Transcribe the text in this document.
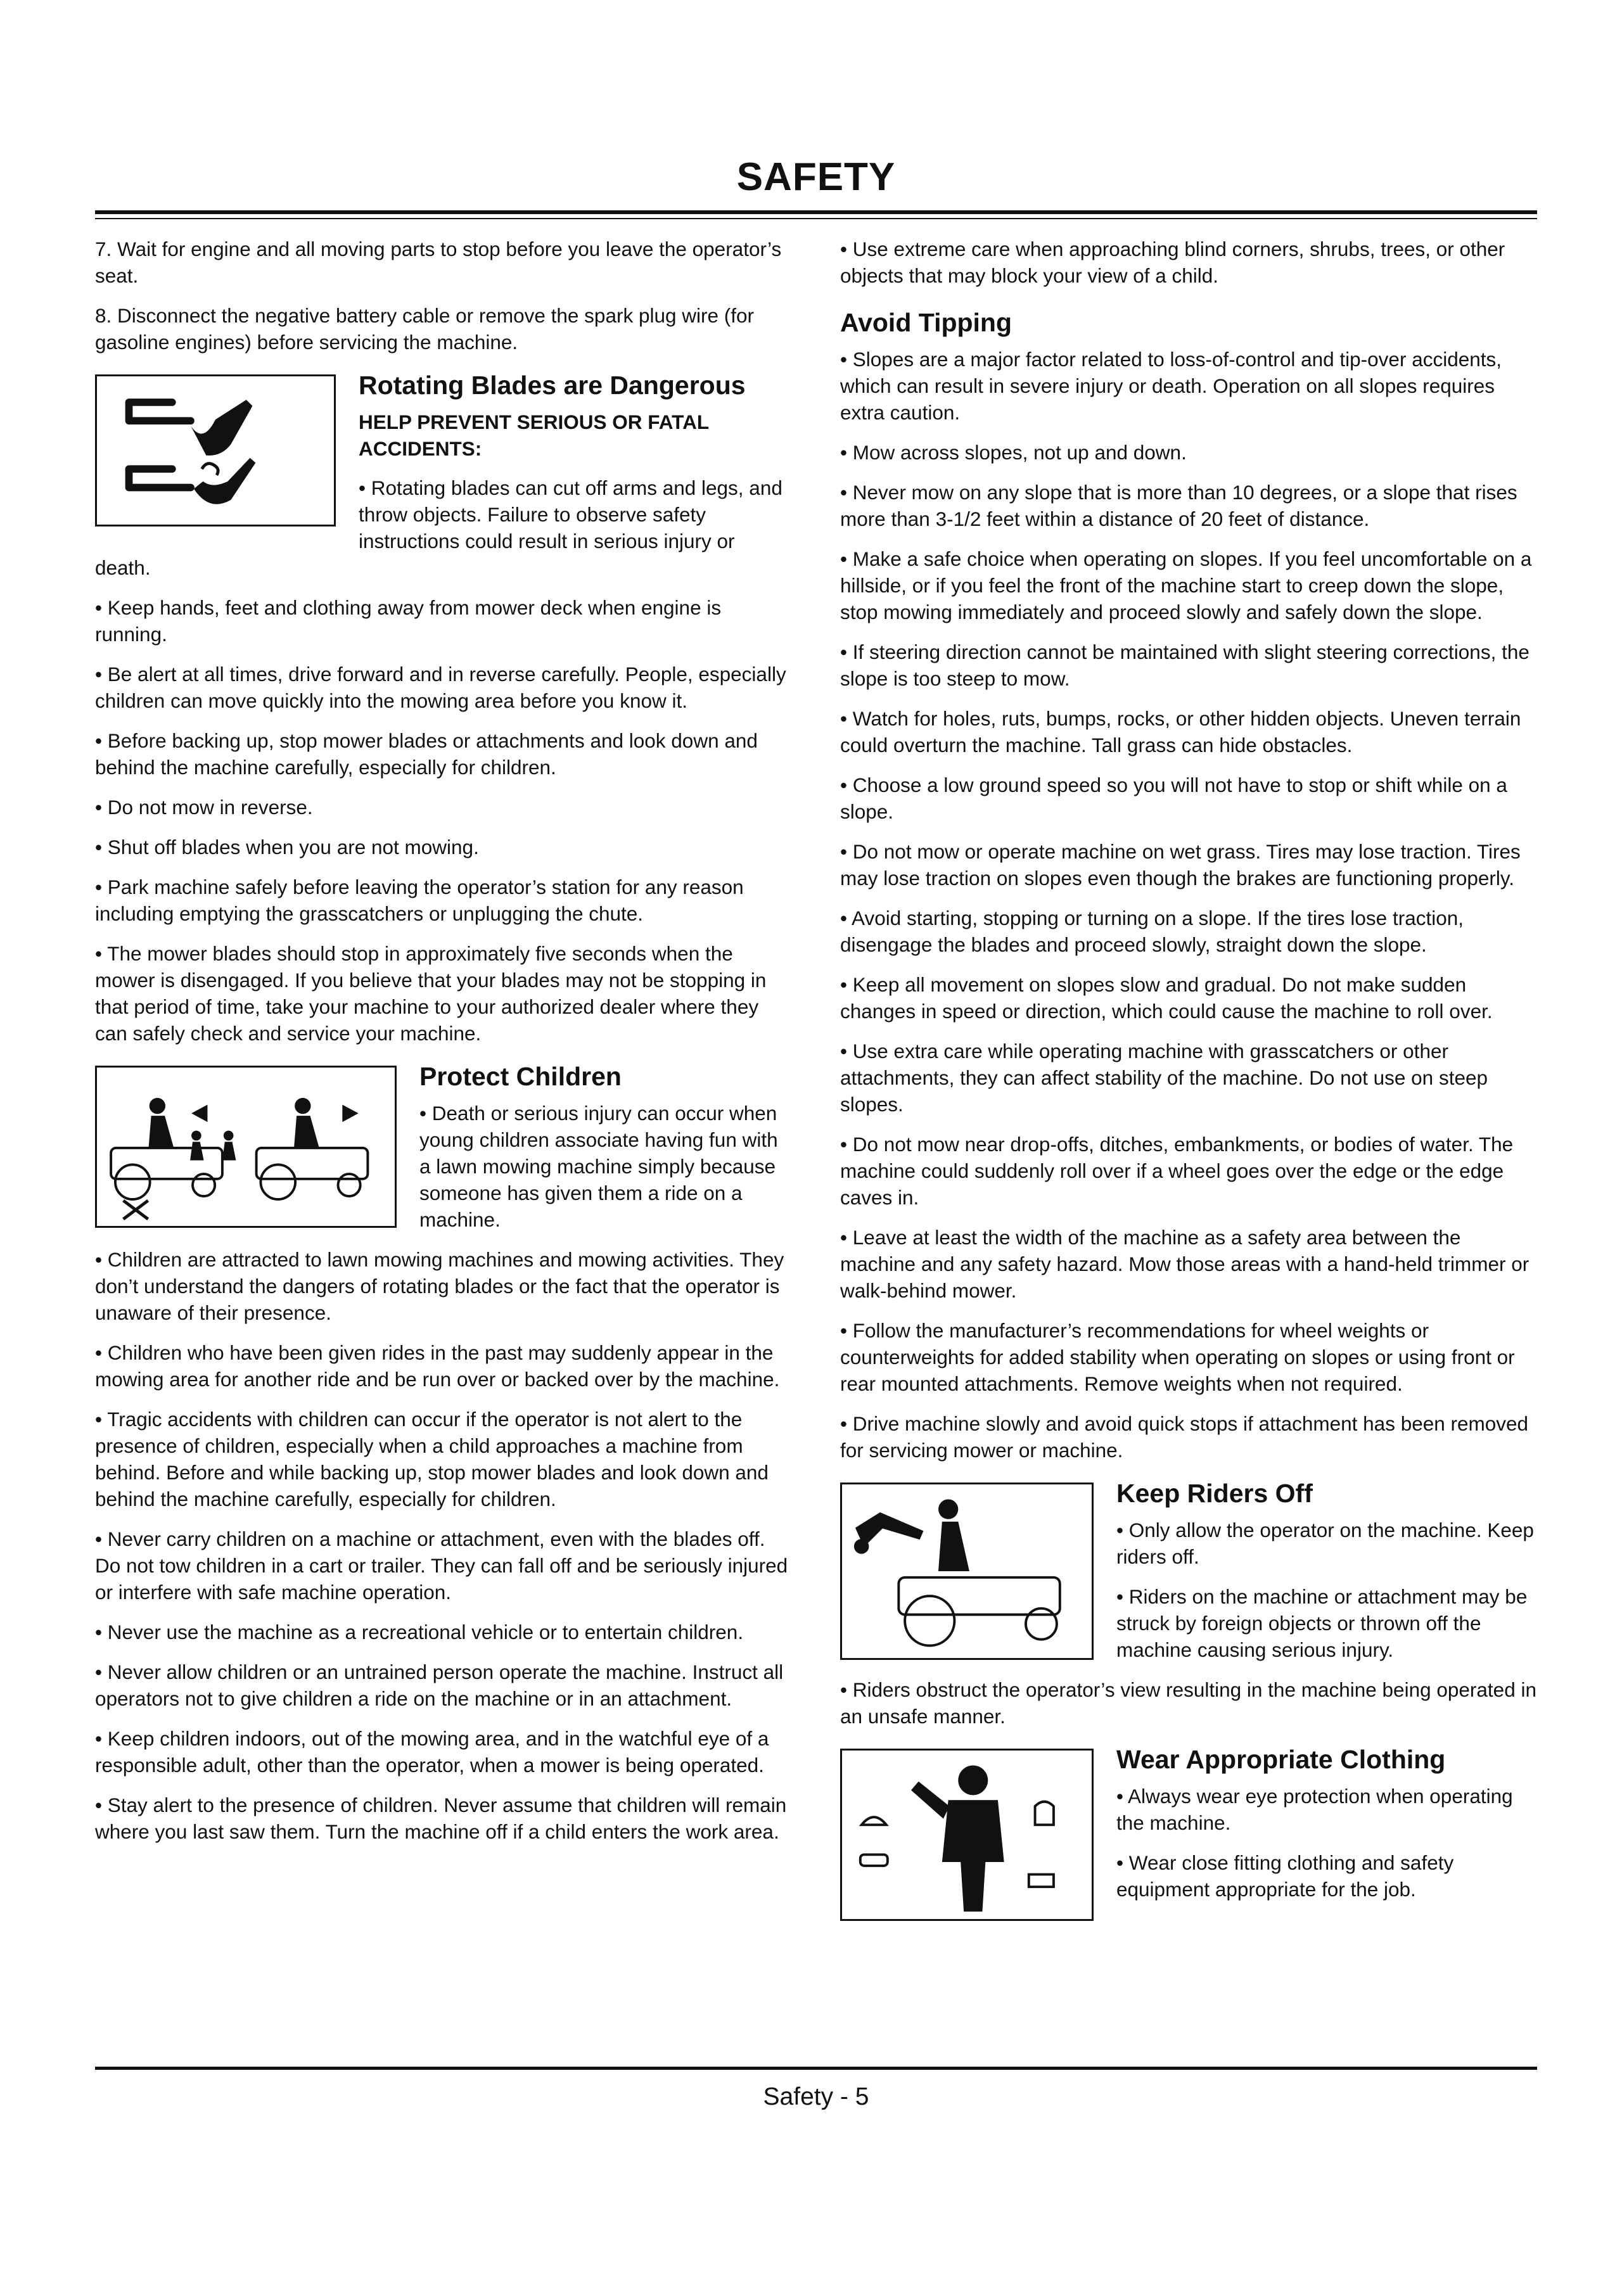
SAFETY

7. Wait for engine and all moving parts to stop before you leave the operator’s seat.

8. Disconnect the negative battery cable or remove the spark plug wire (for gasoline engines) before servicing the machine.

Rotating Blades are Dangerous
HELP PREVENT SERIOUS OR FATAL ACCIDENTS:

• Rotating blades can cut off arms and legs, and throw objects. Failure to observe safety instructions could result in serious injury or death.

• Keep hands, feet and clothing away from mower deck when engine is running.

• Be alert at all times, drive forward and in reverse carefully. People, especially children can move quickly into the mowing area before you know it.

• Before backing up, stop mower blades or attachments and look down and behind the machine carefully, especially for children.

• Do not mow in reverse.

• Shut off blades when you are not mowing.

• Park machine safely before leaving the operator’s station for any reason including emptying the grasscatchers or unplugging the chute.

• The mower blades should stop in approximately five seconds when the mower is disengaged. If you believe that your blades may not be stopping in that period of time, take your machine to your authorized dealer where they can safely check and service your machine.

Protect Children

• Death or serious injury can occur when young children associate having fun with a lawn mowing machine simply because someone has given them a ride on a machine.

• Children are attracted to lawn mowing machines and mowing activities. They don’t understand the dangers of rotating blades or the fact that the operator is unaware of their presence.

• Children who have been given rides in the past may suddenly appear in the mowing area for another ride and be run over or backed over by the machine.

• Tragic accidents with children can occur if the operator is not alert to the presence of children, especially when a child approaches a machine from behind. Before and while backing up, stop mower blades and look down and behind the machine carefully, especially for children.

• Never carry children on a machine or attachment, even with the blades off. Do not tow children in a cart or trailer. They can fall off and be seriously injured or interfere with safe machine operation.

• Never use the machine as a recreational vehicle or to entertain children.

• Never allow children or an untrained person operate the machine. Instruct all operators not to give children a ride on the machine or in an attachment.

• Keep children indoors, out of the mowing area, and in the watchful eye of a responsible adult, other than the operator, when a mower is being operated.

• Stay alert to the presence of children. Never assume that children will remain where you last saw them. Turn the machine off if a child enters the work area.

• Use extreme care when approaching blind corners, shrubs, trees, or other objects that may block your view of a child.

Avoid Tipping

• Slopes are a major factor related to loss-of-control and tip-over accidents, which can result in severe injury or death. Operation on all slopes requires extra caution.

• Mow across slopes, not up and down.

• Never mow on any slope that is more than 10 degrees, or a slope that rises more than 3-1/2 feet within a distance of 20 feet of distance.

• Make a safe choice when operating on slopes. If you feel uncomfortable on a hillside, or if you feel the front of the machine start to creep down the slope, stop mowing immediately and proceed slowly and safely down the slope.

• If steering direction cannot be maintained with slight steering corrections, the slope is too steep to mow.

• Watch for holes, ruts, bumps, rocks, or other hidden objects. Uneven terrain could overturn the machine. Tall grass can hide obstacles.

• Choose a low ground speed so you will not have to stop or shift while on a slope.

• Do not mow or operate machine on wet grass. Tires may lose traction. Tires may lose traction on slopes even though the brakes are functioning properly.

• Avoid starting, stopping or turning on a slope. If the tires lose traction, disengage the blades and proceed slowly, straight down the slope.

• Keep all movement on slopes slow and gradual. Do not make sudden changes in speed or direction, which could cause the machine to roll over.

• Use extra care while operating machine with grasscatchers or other attachments, they can affect stability of the machine. Do not use on steep slopes.

• Do not mow near drop-offs, ditches, embankments, or bodies of water. The machine could suddenly roll over if a wheel goes over the edge or the edge caves in.

• Leave at least the width of the machine as a safety area between the machine and any safety hazard. Mow those areas with a hand-held trimmer or walk-behind mower.

• Follow the manufacturer’s recommendations for wheel weights or counterweights for added stability when operating on slopes or using front or rear mounted attachments. Remove weights when not required.

• Drive machine slowly and avoid quick stops if attachment has been removed for servicing mower or machine.

Keep Riders Off

• Only allow the operator on the machine. Keep riders off.

• Riders on the machine or attachment may be struck by foreign objects or thrown off the machine causing serious injury.

• Riders obstruct the operator’s view resulting in the machine being operated in an unsafe manner.

Wear Appropriate Clothing

• Always wear eye protection when operating the machine.

• Wear close fitting clothing and safety equipment appropriate for the job.

Safety - 5
